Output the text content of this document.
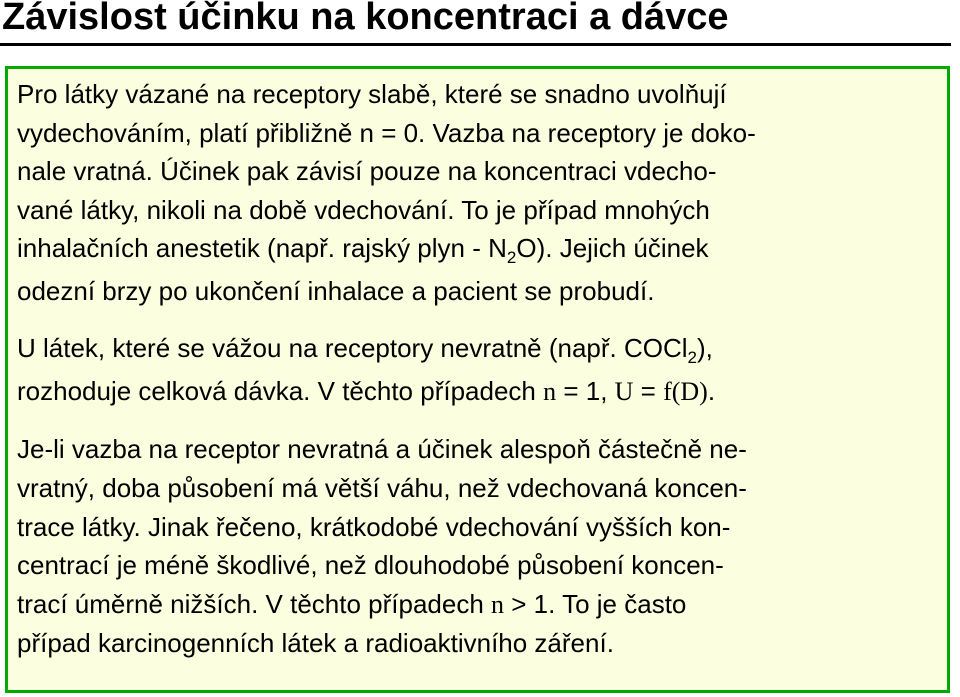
Závislost účinku na koncentraci a dávce

Pro látky vázané na receptory slabě, které se snadno uvolňují
vydechováním, platí přibližně n = 0. Vazba na receptory je doko-
nale vratná. Účinek pak závisí pouze na koncentraci vdecho-
vané látky, nikoli na době vdechování. To je případ mnohých
inhalačních anestetik (např. rajský plyn - $N_2O$). Jejich účinek
odezní brzy po ukončení inhalace a pacient se probudí.

U látek, které se vážou na receptory nevratně (např. COCl$_2$),
rozhoduje celková dávka. V těchto případech n = 1, U = f(D).

Je-li vazba na receptor nevratná a účinek alespoň částečně ne-
vratný, doba působení má větší váhu, než vdechovaná koncen-
trace látky. Jinak řečeno, krátkodobé vdechování vyšších kon-
centrací je méně škodlivé, než dlouhodobé působení koncen-
trací úměrně nižších. V těchto případech n > 1. To je často
případ karcinogenních látek a radioaktivního záření.
